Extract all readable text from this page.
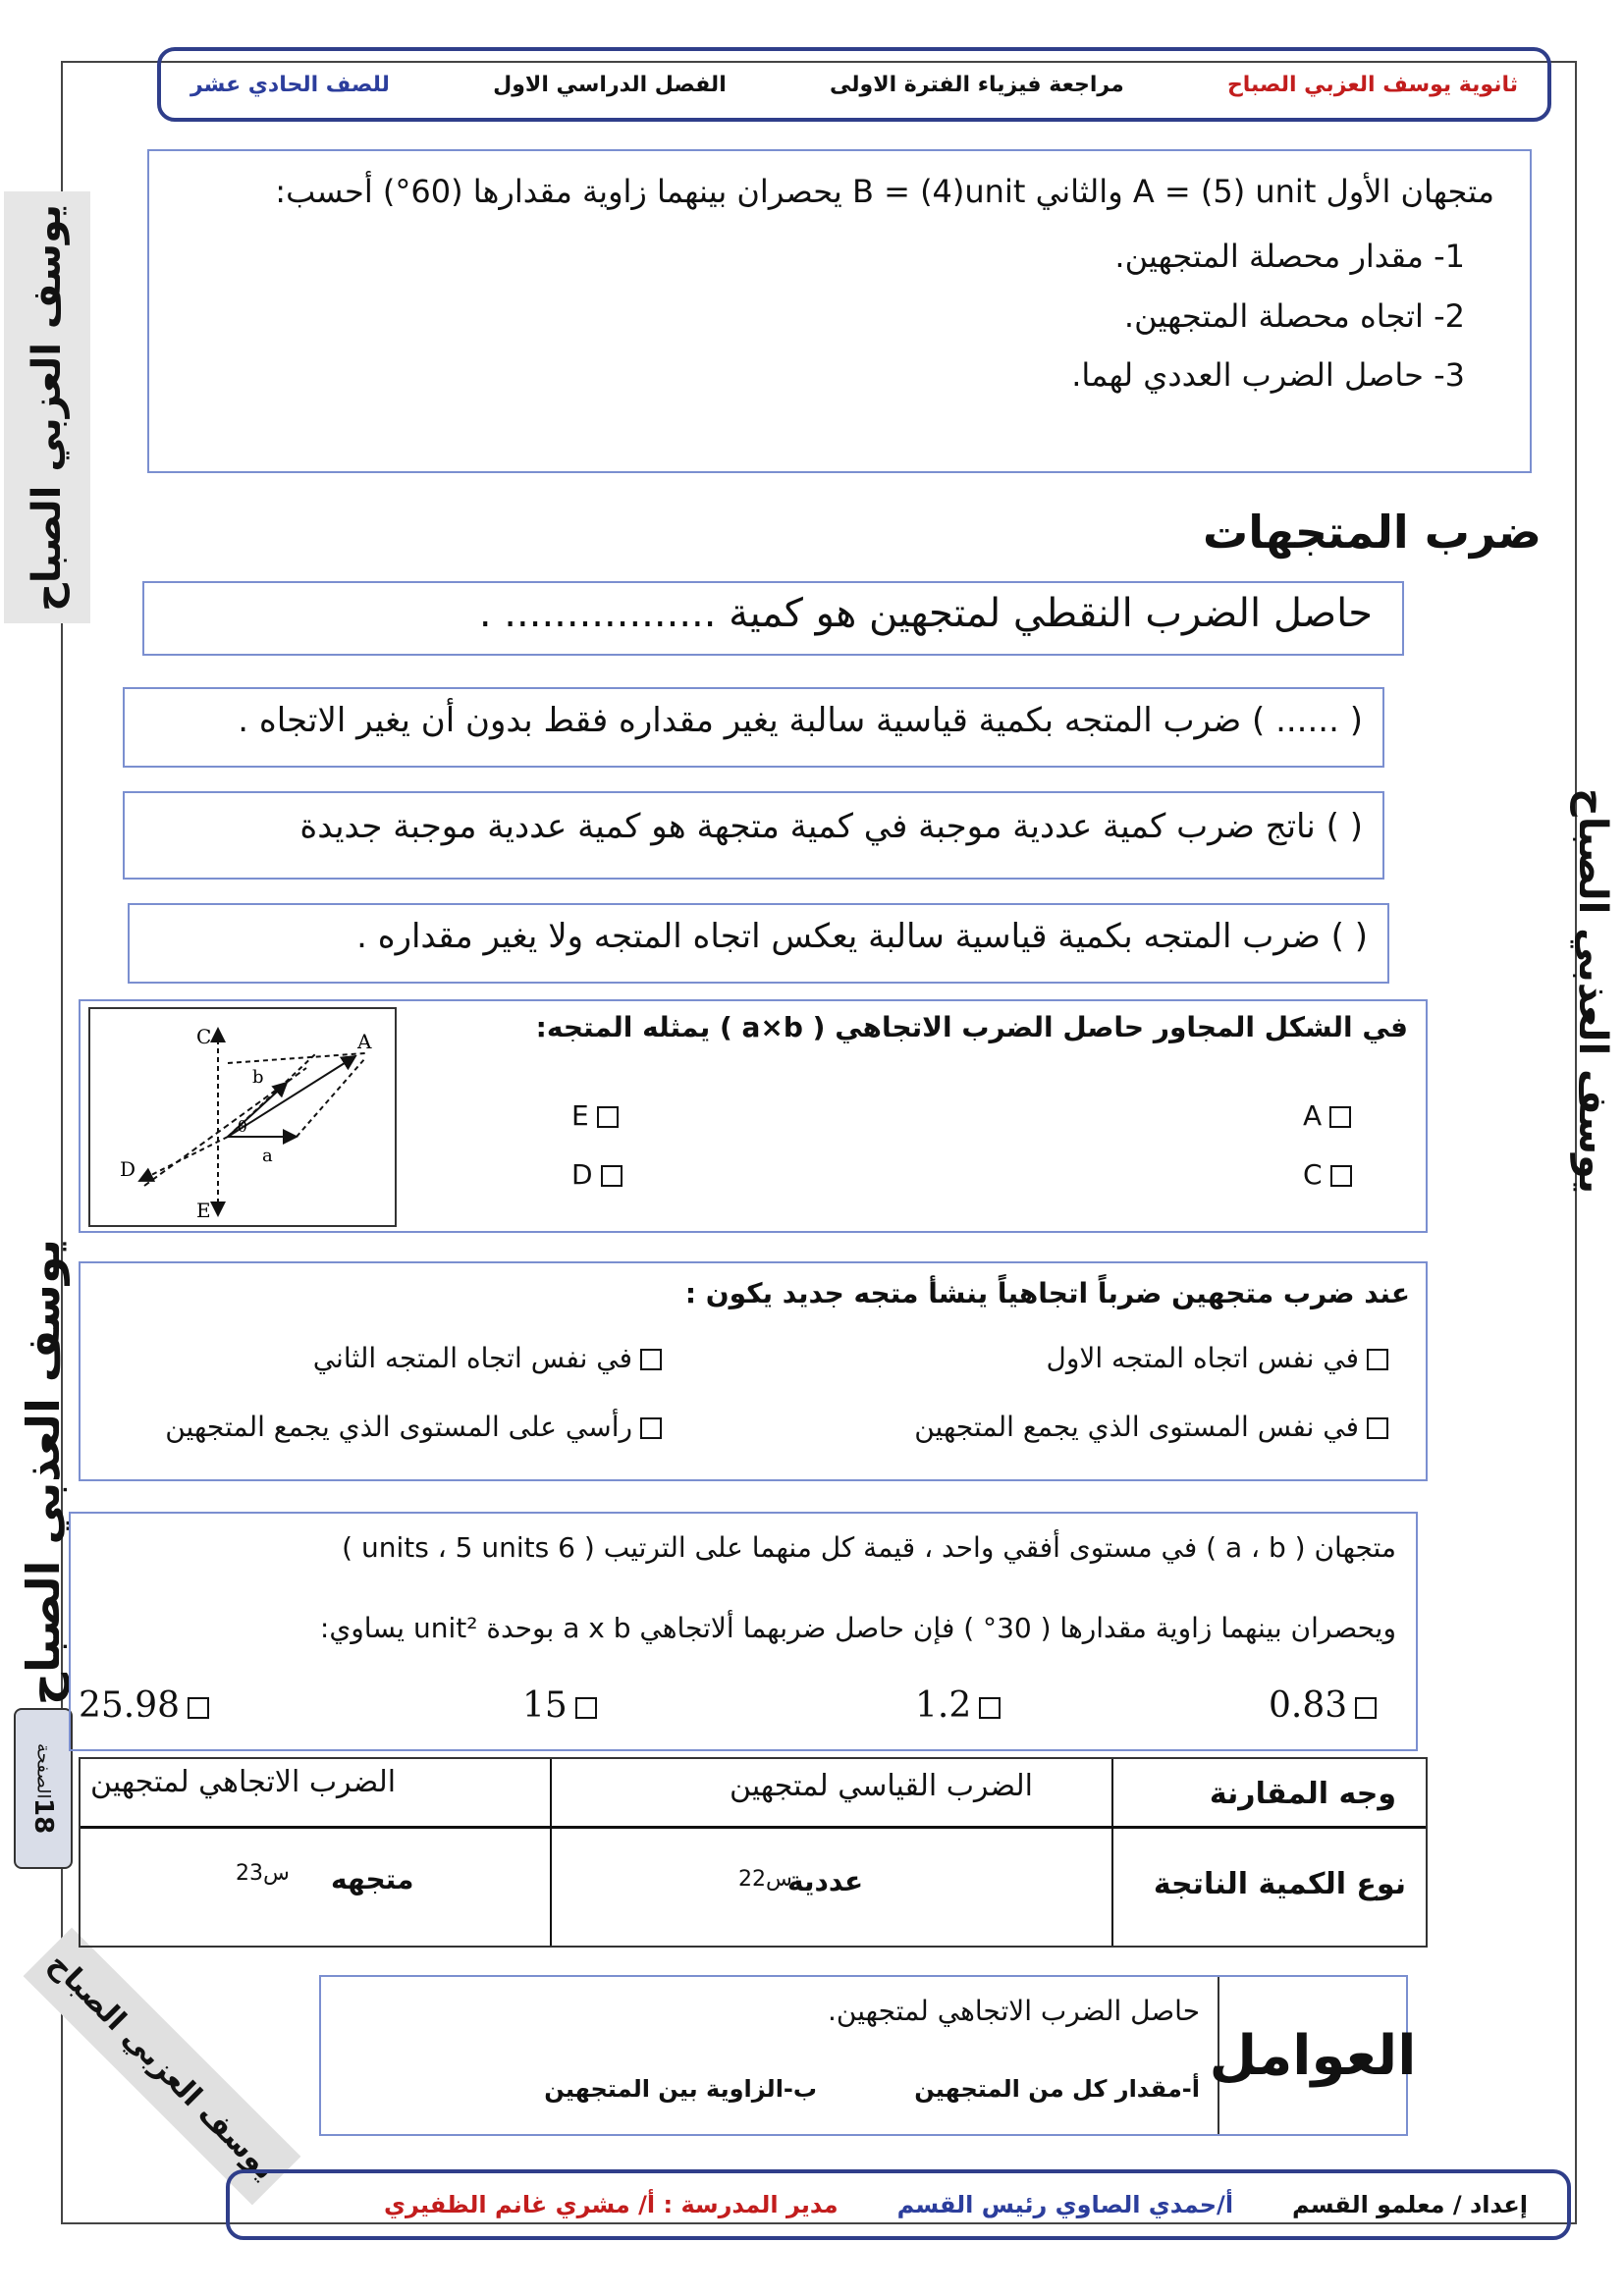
ثانوية يوسف العزبي الصباح
مراجعة فيزياء الفترة الاولى
الفصل الدراسي الاول
للصف الحادي عشر
يوسف العزبي الصباح
يوسف العذبي الصباح
يوسف العذبي الصباح
الصفحة
18
يوسف العزبي الصباح
متجهان الأول A = (5) unit والثاني B = (4)unit يحصران بينهما زاوية مقدارها (60°) أحسب:
1- مقدار محصلة المتجهين.
2- اتجاه محصلة المتجهين.
3- حاصل الضرب العددي لهما.
ضرب المتجهات
حاصل الضرب النقطي لمتجهين هو كمية ................. .
( ...... ) ضرب المتجه بكمية قياسية سالبة يغير مقداره فقط بدون أن يغير الاتجاه .
( ) ناتج ضرب كمية عددية موجبة في كمية متجهة هو كمية عددية موجبة جديدة
( ) ضرب المتجه بكمية قياسية سالبة يعكس اتجاه المتجه ولا يغير مقداره .
في الشكل المجاور حاصل الضرب الاتجاهي ( a×b ) يمثله المتجه:
A
E
C
D
A
b
a
θ
C
D
E
عند ضرب متجهين ضرباً اتجاهياً ينشأ متجه جديد يكون :
في نفس اتجاه المتجه الاول
في نفس اتجاه المتجه الثاني
في نفس المستوى الذي يجمع المتجهين
رأسي على المستوى الذي يجمع المتجهين
متجهان ( a ، b ) في مستوى أفقي واحد ، قيمة كل منهما على الترتيب ( 6 units ، 5 units )
ويحصران بينهما زاوية مقدارها ( 30° ) فإن حاصل ضربهما ألاتجاهي a x b بوحدة unit² يساوي:
0.83
1.2
15
25.98
وجه المقارنة
الضرب القياسي لمتجهين
الضرب الاتجاهي لمتجهين
نوع الكمية الناتجة
عددية
س22
متجهه
س23
العوامل
حاصل الضرب الاتجاهي لمتجهين.
أ-مقدار كل من المتجهين
ب-الزاوية بين المتجهين
إعداد / معلمو القسم
أ/حمدي الصاوي رئيس القسم
مدير المدرسة : أ/ مشري غانم الظفيري
